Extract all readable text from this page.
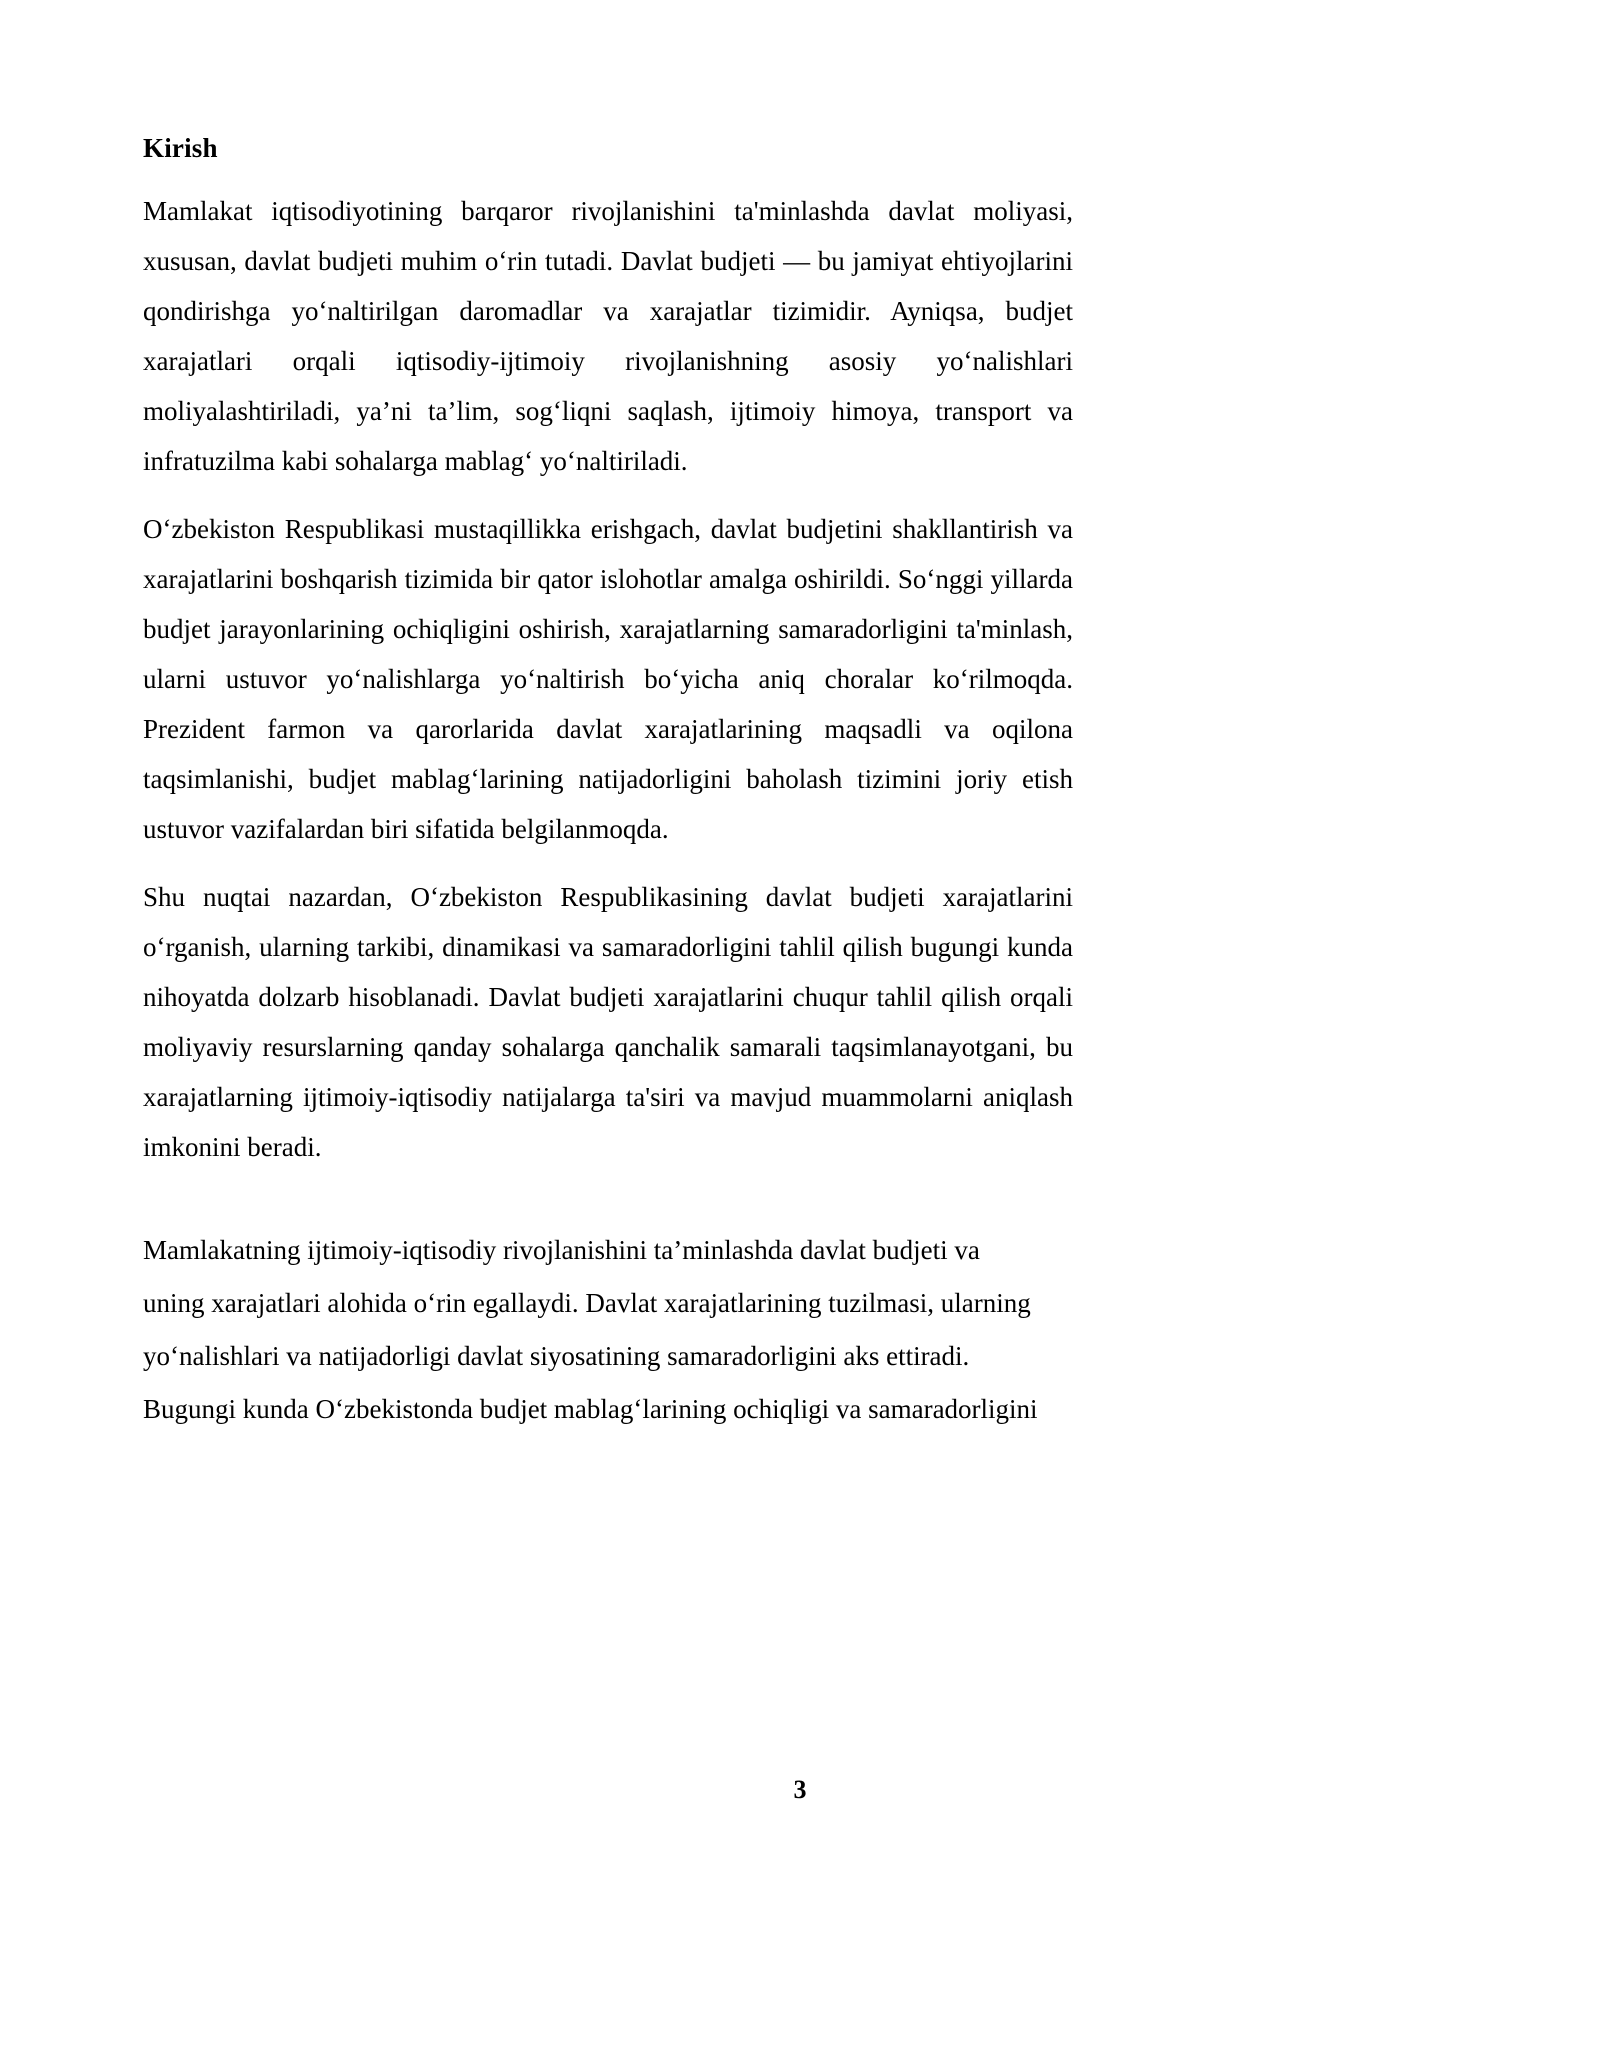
Kirish

Mamlakat iqtisodiyotining barqaror rivojlanishini ta'minlashda davlat moliyasi, xususan, davlat budjeti muhim o‘rin tutadi. Davlat budjeti — bu jamiyat ehtiyojlarini qondirishga yo‘naltirilgan daromadlar va xarajatlar tizimidir. Ayniqsa, budjet xarajatlari orqali iqtisodiy-ijtimoiy rivojlanishning asosiy yo‘nalishlari moliyalashtiriladi, ya’ni ta’lim, sog‘liqni saqlash, ijtimoiy himoya, transport va infratuzilma kabi sohalarga mablag‘ yo‘naltiriladi.

O‘zbekiston Respublikasi mustaqillikka erishgach, davlat budjetini shakllantirish va xarajatlarini boshqarish tizimida bir qator islohotlar amalga oshirildi. So‘nggi yillarda budjet jarayonlarining ochiqligini oshirish, xarajatlarning samaradorligini ta'minlash, ularni ustuvor yo‘nalishlarga yo‘naltirish bo‘yicha aniq choralar ko‘rilmoqda. Prezident farmon va qarorlarida davlat xarajatlarining maqsadli va oqilona taqsimlanishi, budjet mablag‘larining natijadorligini baholash tizimini joriy etish ustuvor vazifalardan biri sifatida belgilanmoqda.

Shu nuqtai nazardan, O‘zbekiston Respublikasining davlat budjeti xarajatlarini o‘rganish, ularning tarkibi, dinamikasi va samaradorligini tahlil qilish bugungi kunda nihoyatda dolzarb hisoblanadi. Davlat budjeti xarajatlarini chuqur tahlil qilish orqali moliyaviy resurslarning qanday sohalarga qanchalik samarali taqsimlanayotgani, bu xarajatlarning ijtimoiy-iqtisodiy natijalarga ta'siri va mavjud muammolarni aniqlash imkonini beradi.

Mamlakatning ijtimoiy-iqtisodiy rivojlanishini ta’minlashda davlat budjeti va
uning xarajatlari alohida o‘rin egallaydi. Davlat xarajatlarining tuzilmasi, ularning
yo‘nalishlari va natijadorligi davlat siyosatining samaradorligini aks ettiradi.
Bugungi kunda O‘zbekistonda budjet mablag‘larining ochiqligi va samaradorligini
3
